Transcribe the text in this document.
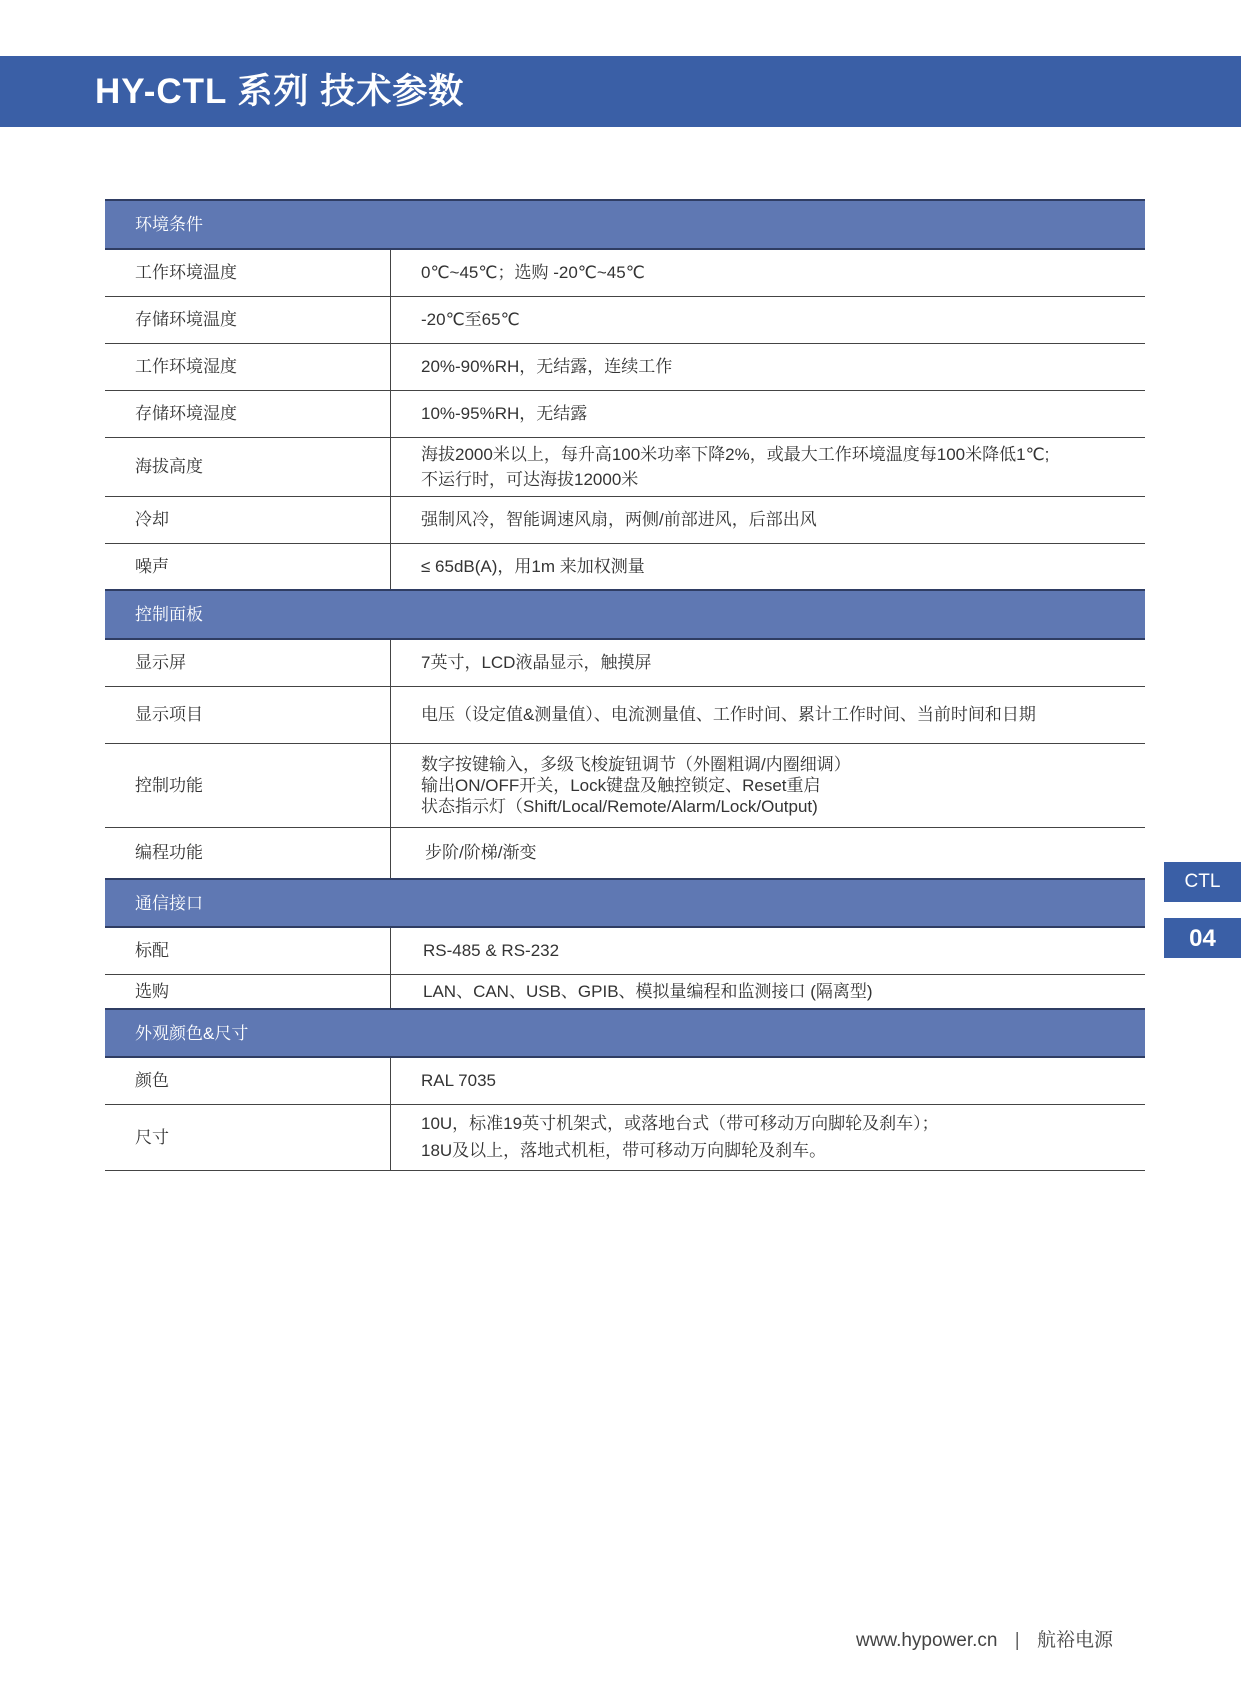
HY-CTL 系列 技术参数
环境条件	
工作环境温度	0℃~45℃；选购 -20℃~45℃

存储环境温度	-20℃至65℃

工作环境湿度	20%-90%RH，无结露，连续工作

存储环境湿度	10%-95%RH，无结露

海拔高度	海拔2000米以上，每升高100米功率下降2%，或最大工作环境温度每100米降低1℃;
不运行时，可达海拔12000米

冷却	强制风冷，智能调速风扇，两侧/前部进风，后部出风

噪声	≤ 65dB(A)，用1m 来加权测量

控制面板	
显示屏	7英寸，LCD液晶显示，触摸屏

显示项目	电压（设定值&测量值）、电流测量值、工作时间、累计工作时间、当前时间和日期

控制功能	数字按键输入，多级飞梭旋钮调节（外圈粗调/内圈细调）
输出ON/OFF开关，Lock键盘及触控锁定、Reset重启
状态指示灯（Shift/Local/Remote/Alarm/Lock/Output)

编程功能	步阶/阶梯/渐变

通信接口	
标配	RS-485 & RS-232

选购	LAN、CAN、USB、GPIB、模拟量编程和监测接口 (隔离型)

外观颜色&尺寸	
颜色	RAL 7035

尺寸	10U，标准19英寸机架式，或落地台式（带可移动万向脚轮及刹车）；
18U及以上，落地式机柜，带可移动万向脚轮及刹车。
CTL
04
www.hypower.cn | 航裕电源
